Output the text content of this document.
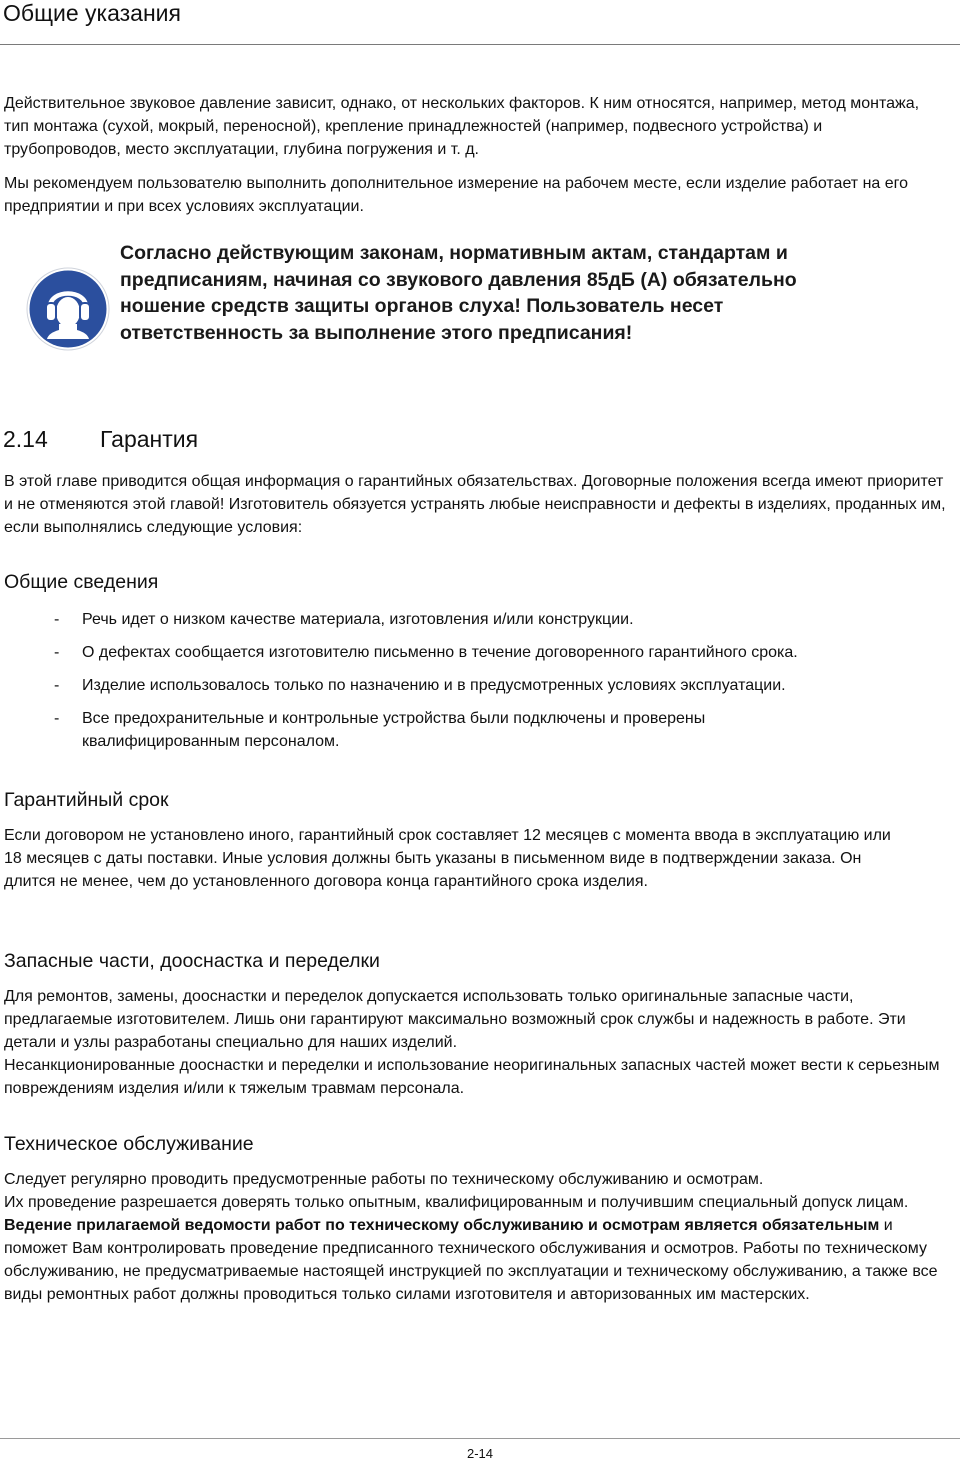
Общие указания

Действительное звуковое давление зависит, однако, от нескольких факторов. К ним относятся, например, метод монтажа, тип монтажа (сухой, мокрый, переносной), крепление принадлежностей (например, подвесного устройства) и трубопроводов, место эксплуатации, глубина погружения и т. д.

Мы рекомендуем пользователю выполнить дополнительное измерение на рабочем месте, если изделие работает на его предприятии и при всех условиях эксплуатации.

Согласно действующим законам, нормативным актам, стандартам и предписаниям, начиная со звукового давления 85дБ (А) обязательно ношение средств защиты органов слуха! Пользователь несет ответственность за выполнение этого предписания!
2.14 Гарантия

В этой главе приводится общая информация о гарантийных обязательствах. Договорные положения всегда имеют приоритет и не отменяются этой главой! Изготовитель обязуется устранять любые неисправности и дефекты в изделиях, проданных им, если выполнялись следующие условия:

Общие сведения
- Речь идет о низком качестве материала, изготовления и/или конструкции.
- О дефектах сообщается изготовителю письменно в течение договоренного гарантийного срока.
- Изделие использовалось только по назначению и в предусмотренных условиях эксплуатации.
- Все предохранительные и контрольные устройства были подключены и проверены квалифицированным персоналом.
Гарантийный срок

Если договором не установлено иного, гарантийный срок составляет 12 месяцев с момента ввода в эксплуатацию или 18 месяцев с даты поставки. Иные условия должны быть указаны в письменном виде в подтверждении заказа. Он длится не менее, чем до установленного договора конца гарантийного срока изделия.

Запасные части, дооснастка и переделки

Для ремонтов, замены, дооснастки и переделок допускается использовать только оригинальные запасные части, предлагаемые изготовителем. Лишь они гарантируют максимально возможный срок службы и надежность в работе. Эти детали и узлы разработаны специально для наших изделий.

Несанкционированные дооснастки и переделки и использование неоригинальных запасных частей может вести к серьезным повреждениям изделия и/или к тяжелым травмам персонала.

Техническое обслуживание

Следует регулярно проводить предусмотренные работы по техническому обслуживанию и осмотрам.

Их проведение разрешается доверять только опытным, квалифицированным и получившим специальный допуск лицам. Ведение прилагаемой ведомости работ по техническому обслуживанию и осмотрам является обязательным и поможет Вам контролировать проведение предписанного технического обслуживания и осмотров. Работы по техническому обслуживанию, не предусматриваемые настоящей инструкцией по эксплуатации и техническому обслуживанию, а также все виды ремонтных работ должны проводиться только силами изготовителя и авторизованных им мастерских.

2-14
